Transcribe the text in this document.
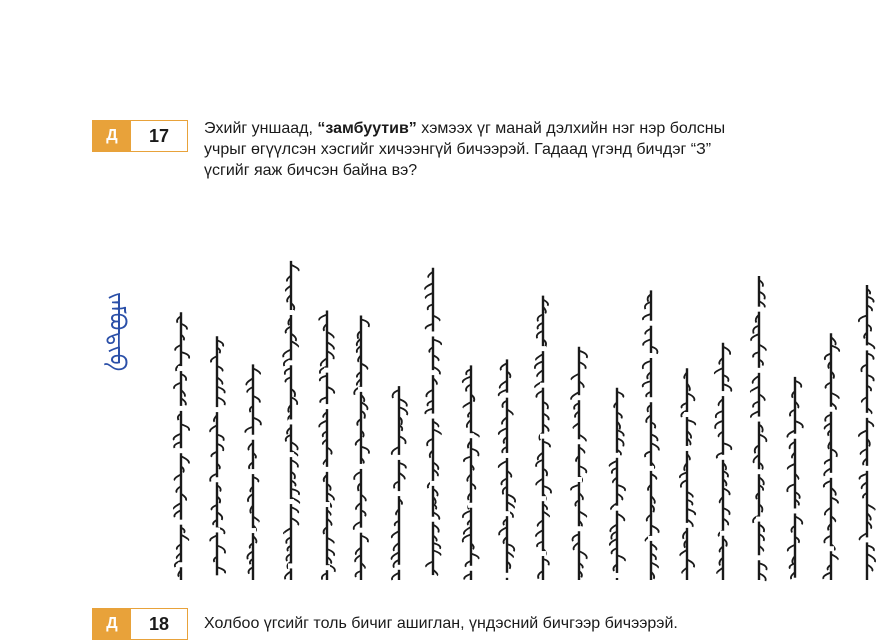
Д	17	Эхийг уншаад, “замбуутив” хэмээх үг манай дэлхийн нэг нэр болсны
учрыг өгүүлсэн хэсгийг хичээнгүй бичээрэй. Гадаад үгэнд бичдэг “З”
үсгийг яаж бичсэн байна вэ?
ᠵᠠᠮᠪᠤᠲᠢᠪ
Д	18	Холбоо үгсийг толь бичиг ашиглан, үндэсний бичгээр бичээрэй.
